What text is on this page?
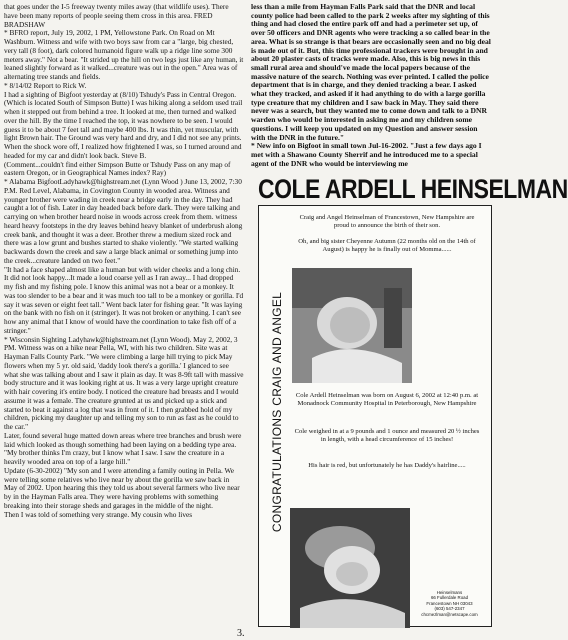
that goes under the I-5 freeway twenty miles away (that wildlife uses). There have been many reports of people seeing them cross in this area. FRED BRADSHAW

* BFRO report, July 19, 2002, 1 PM, Yellowstone Park. On Road on Mt Washburn. Witness and wife with two boys saw from car a "large, big chested, very tall (8 foot), dark colored humanoid figure walk up a ridge line some 300 meters away." Not a bear. "It strided up the hill on two legs just like any human, it leaned slightly forward as it walked...creature was out in the open." Area was of alternating tree stands and fields.

* 8/14/02 Report to Rick W.

I had a sighting of Bigfoot yesterday at (8/10) Tshudy's Pass in Central Oregon. (Which is located South of Simpson Butte) I was hiking along a seldom used trail when it stepped out from behind a tree. It looked at me, then turned and walked over the hill. By the time I reached the top, it was nowhere to be seen. I would guess it to be about 7 feet tall and maybe 400 lbs. It was thin, yet muscular, with light Brown hair. The Ground was very hard and dry, and I did not see any prints. When the shock wore off, I realized how frightened I was, so I turned around and headed for my car and didn't look back. Steve B.

(Comment...couldn't find either Simpson Butte or Tshudy Pass on any map of eastern Oregon, or in Geographical Names index? Ray)

* Alabama BigfootLadyhawk@highstream.net (Lynn Wood ) June 13, 2002, 7:30 P.M. Red Level, Alabama, in Covington County in wooded area. Witness and younger brother were wading in creek near a bridge early in the day. They had caught a lot of fish. Later in day headed back before dark. They were talking and carrying on when brother heard noise in woods across creek from them. witness heard heavy footsteps in the dry leaves behind heavy blanket of underbrush along creek bank, and thought it was a deer. Brother threw a medium sized rock and there was a low grunt and bushes started to shake violently. "We started walking backwards down the creek and saw a large black animal or something jump into the creek...creature landed on two feet."

"It had a face shaped almost like a human but with wider cheeks and a long chin. It did not look happy...It made a loud coarse yell as I ran away... I had dropped my fish and my fishing pole. I know this animal was not a bear or a monkey. It was too slender to be a bear and it was much too tall to be a monkey or gorilla. I'd say it was seven or eight feet tall." Went back later for fishing gear. "It was laying on the bank with no fish on it (stringer). It was not broken or anything. I can't see how any animal that I know of would have the coordination to take fish off of a stringer."

* Wisconsin Sighting Ladyhawk@highstream.net (Lynn Wood). May 2, 2002, 3 PM. Witness was on a hike near Pella, WI, with his two children. Site was at Hayman Falls County Park. "We were climbing a large hill trying to pick May flowers when my 5 yr. old said, 'daddy look there's a gorilla.' I glanced to see what she was talking about and I saw it plain as day. It was 8-9ft tall with massive body structure and it was looking right at us. It was a very large upright creature with hair covering it's entire body. I noticed the creature had breasts and I would assume it was a female. The creature grunted at us and picked up a stick and started to beat it against a log that was in front of it. I then grabbed hold of my children, picking my daughter up and telling my son to run as fast as he could to the car."

Later, found several huge matted down areas where tree branches and brush were laid which looked as though something had been laying on a bedding type area. "My brother thinks I'm crazy, but I know what I saw. I saw the creature in a heavily wooded area on top of a large hill."

Update (6-30-2002) "My son and I were attending a family outing in Pella. We were telling some relatives who live near by about the gorilla we saw back in May of 2002. Upon hearing this they told us about several farmers who live near by in the Hayman Falls area. They were having problems with something breaking into their storage sheds and garages in the middle of the night.

Then I was told of something very strange. My cousin who lives

less than a mile from Hayman Falls Park said that the DNR and local county police had been called to the park 2 weeks after my sighting of this thing and had closed the entire park off and had a perimeter set up, of over 50 officers and DNR agents who were tracking a so called bear in the area. What is so strange is that bears are occasionally seen and no big deal is made out of it. But, this time professional trackers were brought in and about 20 plaster casts of tracks were made. Also, this is big news in this small rural area and should've made the local papers because of the massive nature of the search. Nothing was ever printed. I called the police department that is in charge, and they denied tracking a bear. I asked what they tracked, and asked if it had anything to do with a large gorilla type creature that my children and I saw back in May. They said there never was a search, but they wanted me to come down and talk to a DNR warden who would be interested in asking me and my children some questions. I will keep you updated on my Question and answer session with the DNR in the future."

* New info on Bigfoot in small town Jul-16-2002. "Just a few days ago I met with a Shawano County Sherrif and he introduced me to a special agent of the DNR who would be interviewing me

COLE ARDELL HEINSELMAN
CONGRATULATIONS CRAIG AND ANGEL
Craig and Angel Heinselman of Francestown, New Hampshire are proud to announce the birth of their son.
Oh, and big sister Cheyenne Autumn (22 months old on the 14th of August) is happy he is finally out of Momma......
Cole Ardell Heinselman was born on August 6, 2002 at 12:40 p.m. at Monadnock Community Hospital in Peterborough, New Hampshire
Cole weighed in at a 9 pounds and 1 ounce and measured 20 ½ inches in length, with a head circumference of 15 inches!
His hair is red, but unfortunately he has Daddy's hairline.....
Heinselmans
66 Fullerdale Road
Francestown NH 03043
(603) 547-2347
chcmezlman@netscape.com
3.
